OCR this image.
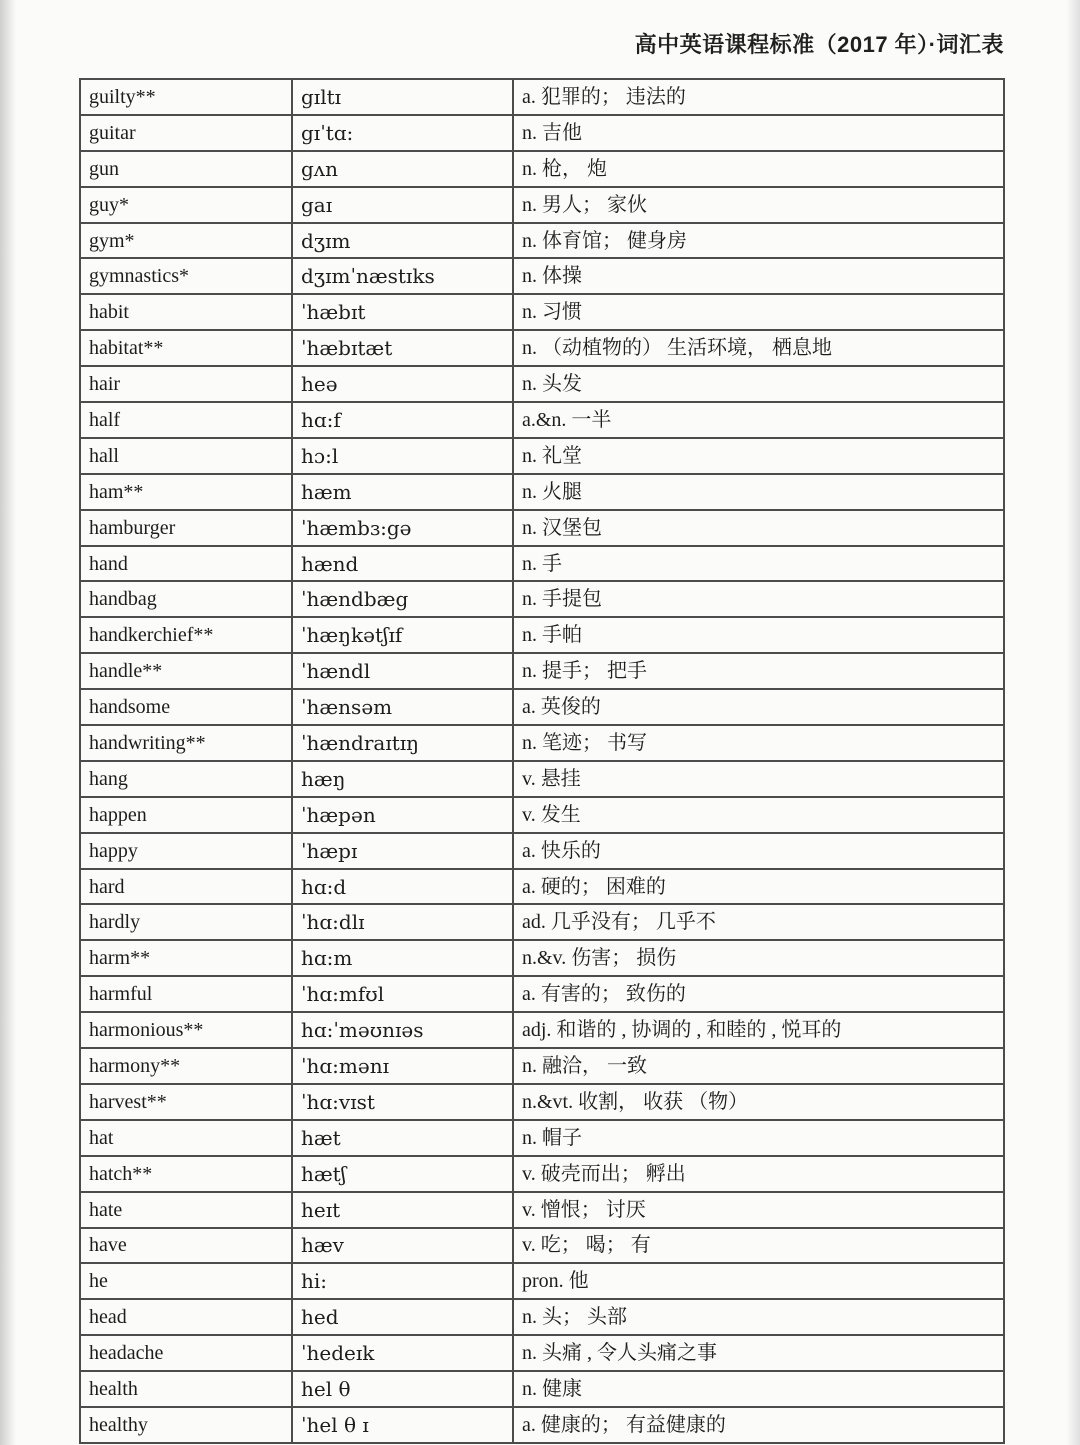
高中英语课程标准（2017 年）·词汇表
guilty**	gɪltɪ	a. 犯罪的； 违法的
guitar	gɪˈtɑ:	n. 吉他
gun	gʌn	n. 枪， 炮
guy*	gaɪ	n. 男人； 家伙
gym*	dʒɪm	n. 体育馆； 健身房
gymnastics*	dʒɪmˈnæstɪks	n. 体操
habit	ˈhæbɪt	n. 习惯
habitat**	ˈhæbɪtæt	n. （动植物的） 生活环境， 栖息地
hair	heə	n. 头发
half	hɑ:f	a.&n. 一半
hall	hɔ:l	n. 礼堂
ham**	hæm	n. 火腿
hamburger	ˈhæmbɜ:gə	n. 汉堡包
hand	hænd	n. 手
handbag	ˈhændbæg	n. 手提包
handkerchief**	ˈhæŋkətʃɪf	n. 手帕
handle**	ˈhændl	n. 提手； 把手
handsome	ˈhænsəm	a. 英俊的
handwriting**	ˈhændraɪtɪŋ	n. 笔迹； 书写
hang	hæŋ	v. 悬挂
happen	ˈhæpən	v. 发生
happy	ˈhæpɪ	a. 快乐的
hard	hɑ:d	a. 硬的； 困难的
hardly	ˈhɑ:dlɪ	ad. 几乎没有； 几乎不
harm**	hɑ:m	n.&v. 伤害； 损伤
harmful	ˈhɑ:mfʊl	a. 有害的； 致伤的
harmonious**	hɑ:ˈməʊnɪəs	adj. 和谐的 , 协调的 , 和睦的 , 悦耳的
harmony**	ˈhɑ:mənɪ	n. 融洽， 一致
harvest**	ˈhɑ:vɪst	n.&vt. 收割， 收获 （物）
hat	hæt	n. 帽子
hatch**	hætʃ	v. 破壳而出； 孵出
hate	heɪt	v. 憎恨； 讨厌
have	hæv	v. 吃； 喝； 有
he	hi:	pron. 他
head	hed	n. 头； 头部
headache	ˈhedeɪk	n. 头痛 , 令人头痛之事
health	hel θ	n. 健康
healthy	ˈhel θ ɪ	a. 健康的； 有益健康的
